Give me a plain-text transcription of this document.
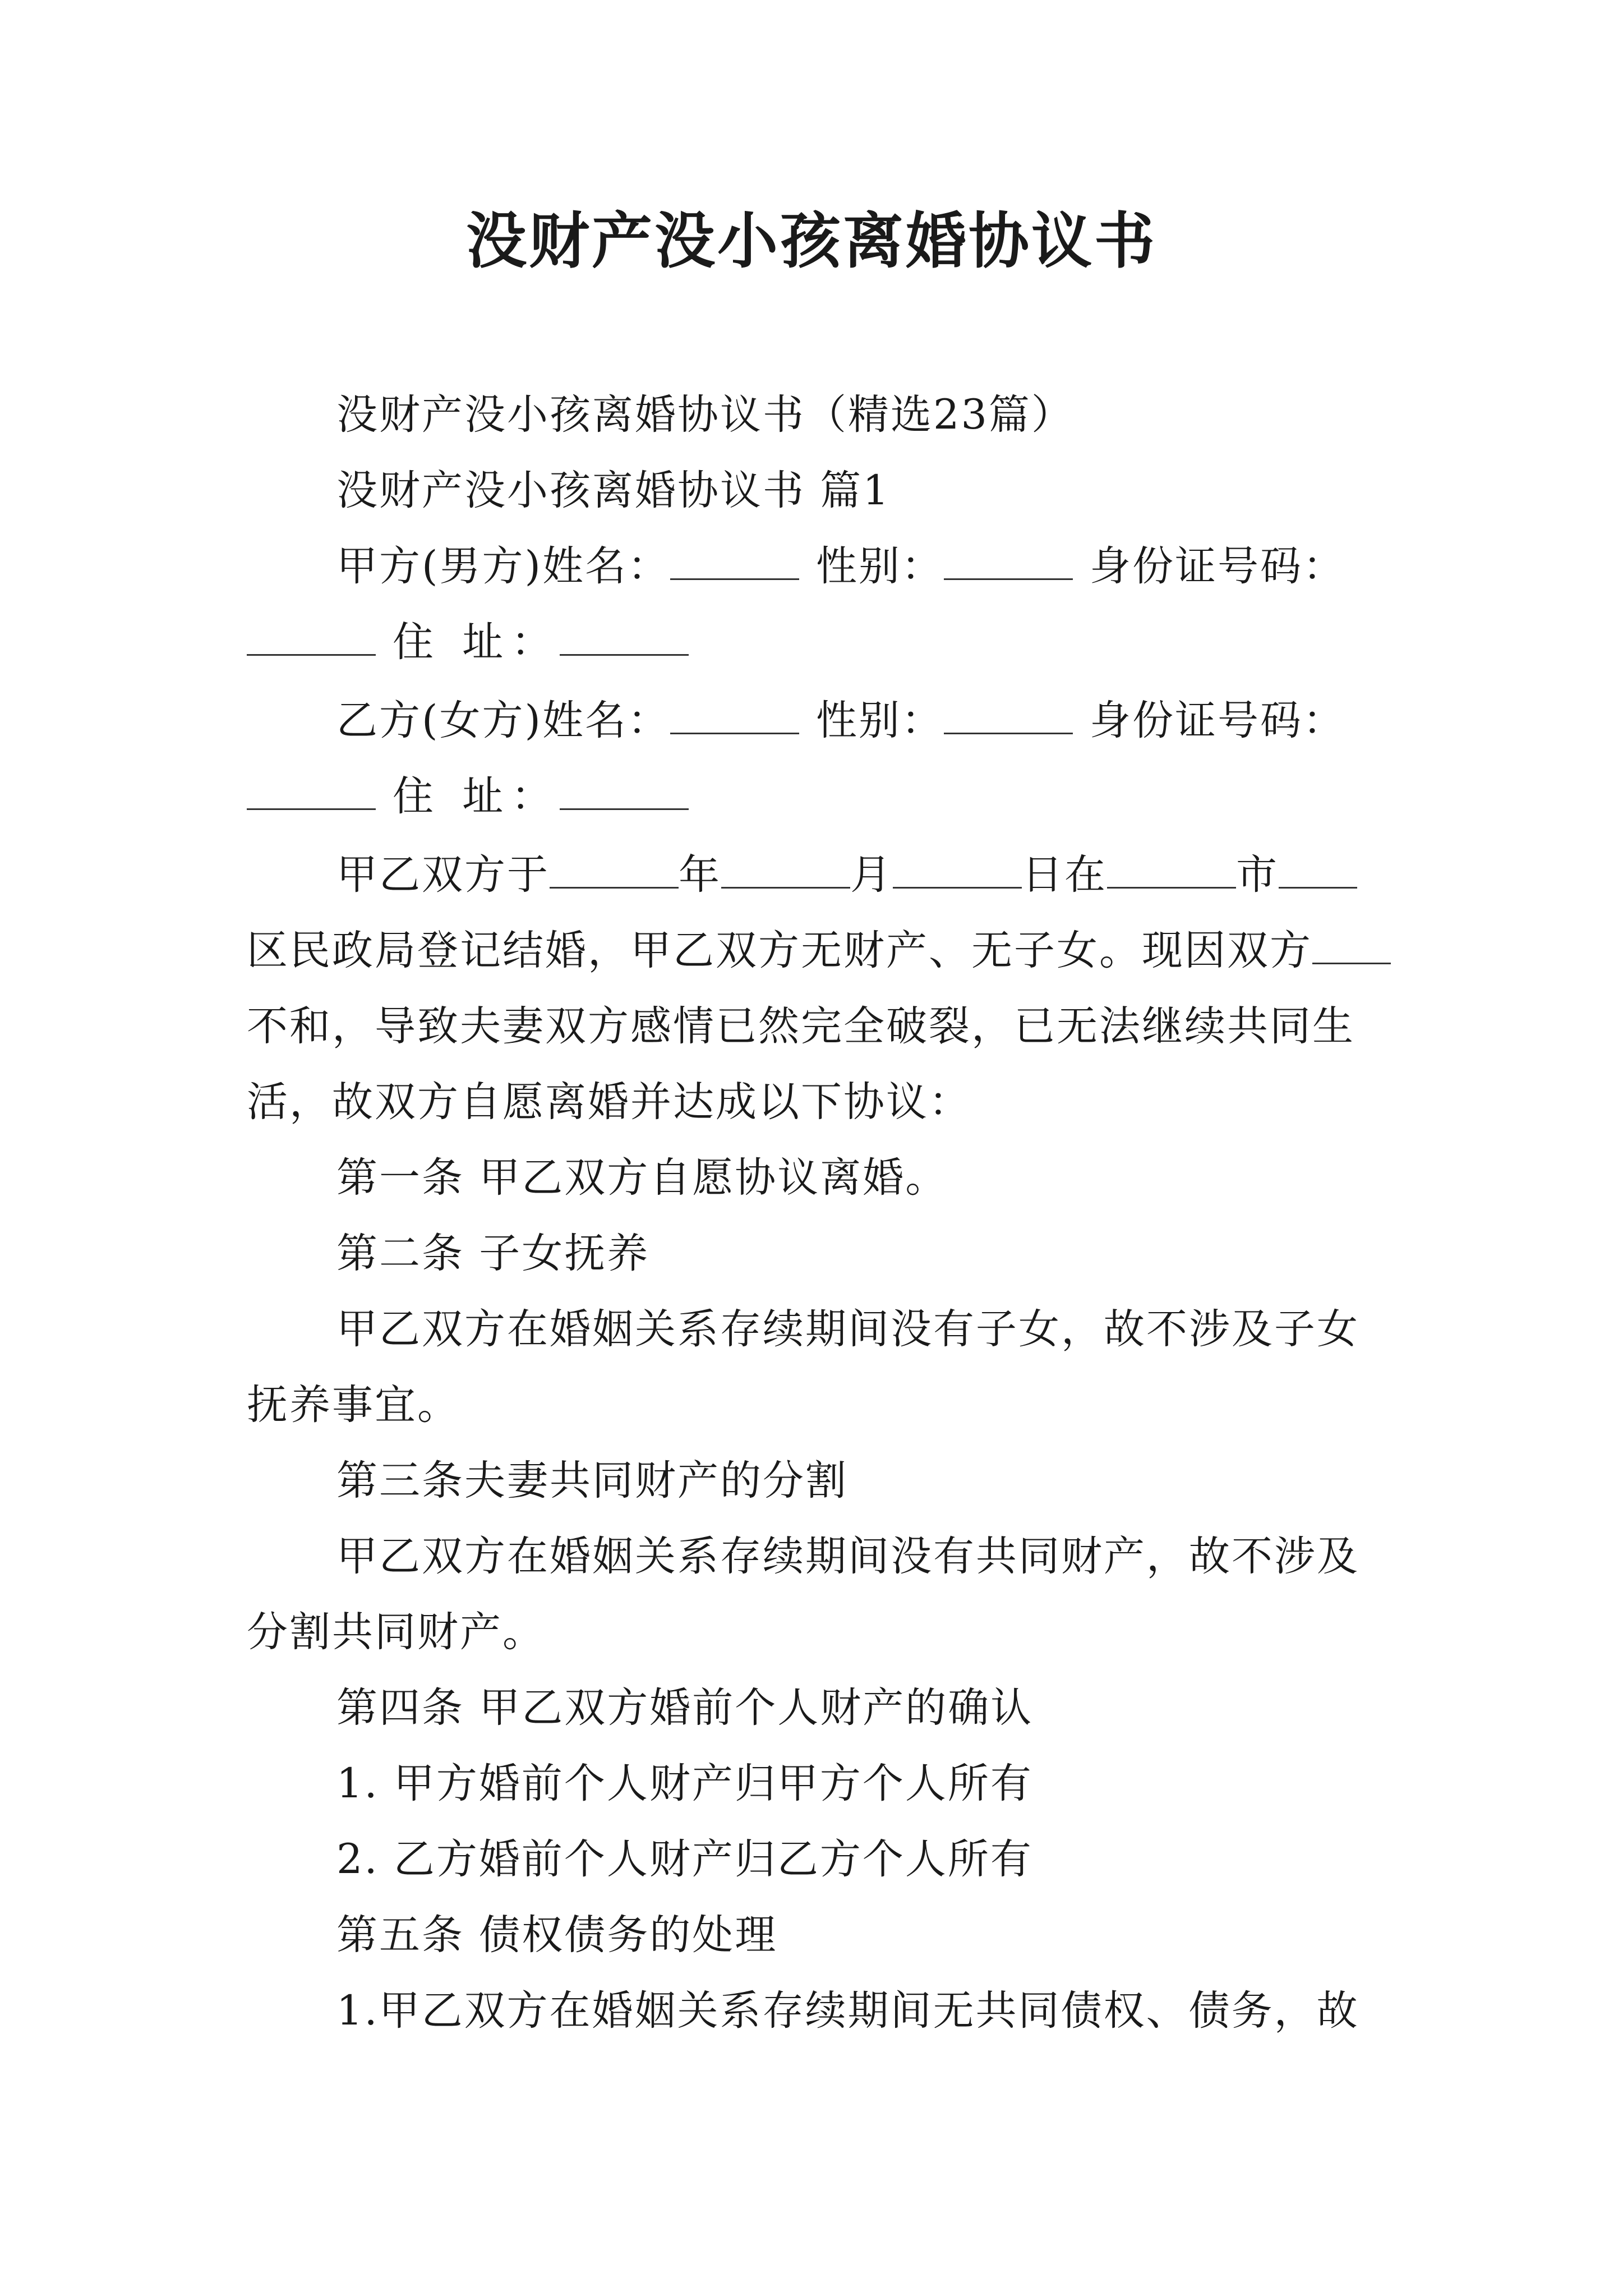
没财产没小孩离婚协议书
没财产没小孩离婚协议书（精选23篇）
没财产没小孩离婚协议书 篇1
甲方(男方)姓名：	性别：	身份证号码：
住 址：
乙方(女方)姓名：	性别：	身份证号码：
住 址：
甲乙双方于	年	月	日在	市
区民政局登记结婚，甲乙双方无财产、无子女。现因双方
不和，导致夫妻双方感情已然完全破裂，已无法继续共同生
活，故双方自愿离婚并达成以下协议：
第一条 甲乙双方自愿协议离婚。
第二条 子女抚养
甲乙双方在婚姻关系存续期间没有子女，故不涉及子女
抚养事宜。
第三条夫妻共同财产的分割
甲乙双方在婚姻关系存续期间没有共同财产，故不涉及
分割共同财产。
第四条 甲乙双方婚前个人财产的确认
1. 甲方婚前个人财产归甲方个人所有
2. 乙方婚前个人财产归乙方个人所有
第五条 债权债务的处理
1.甲乙双方在婚姻关系存续期间无共同债权、债务，故
